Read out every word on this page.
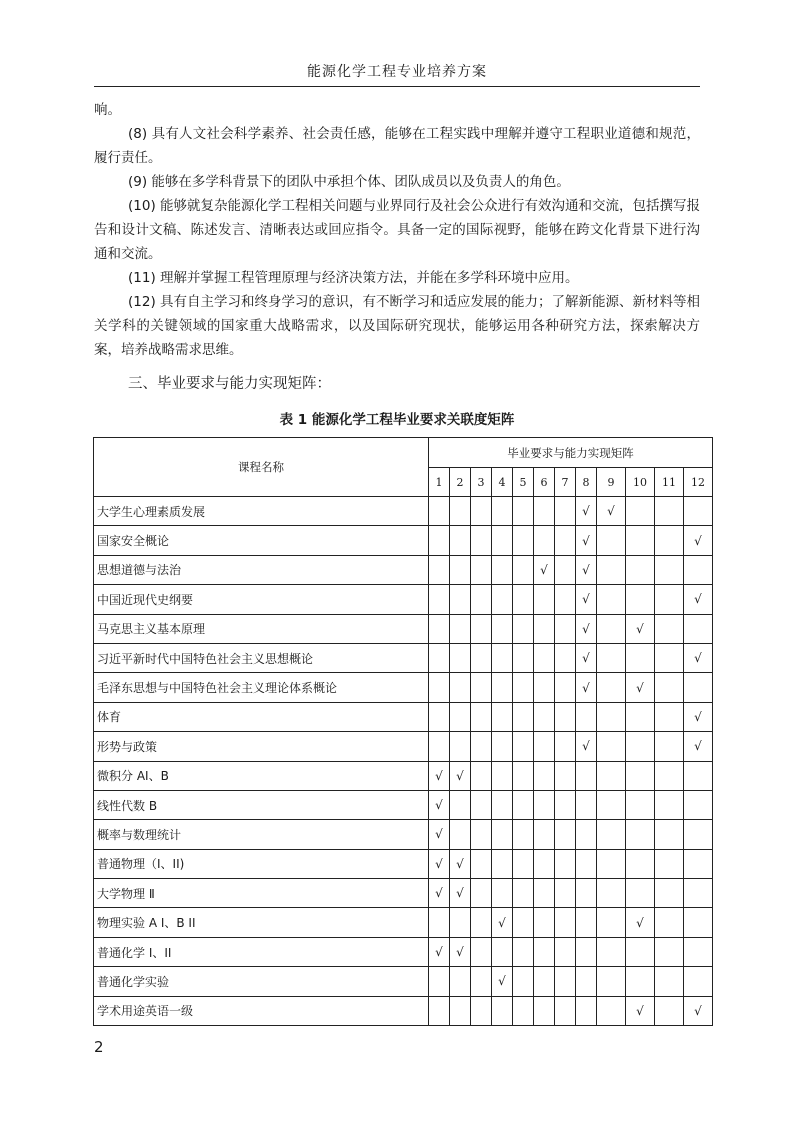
能源化学工程专业培养方案

响。

(8) 具有人文社会科学素养、社会责任感，能够在工程实践中理解并遵守工程职业道德和规范，履行责任。

(9) 能够在多学科背景下的团队中承担个体、团队成员以及负责人的角色。

(10) 能够就复杂能源化学工程相关问题与业界同行及社会公众进行有效沟通和交流，包括撰写报告和设计文稿、陈述发言、清晰表达或回应指令。具备一定的国际视野，能够在跨文化背景下进行沟通和交流。

(11) 理解并掌握工程管理原理与经济决策方法，并能在多学科环境中应用。

(12) 具有自主学习和终身学习的意识，有不断学习和适应发展的能力；了解新能源、新材料等相关学科的关键领域的国家重大战略需求，以及国际研究现状，能够运用各种研究方法，探索解决方案，培养战略需求思维。

三、毕业要求与能力实现矩阵：
表 1 能源化学工程毕业要求关联度矩阵
课程名称	毕业要求与能力实现矩阵											
	1	2	3	4	5	6	7	8	9	10	11	12
大学生心理素质发展								√	√			
国家安全概论								√				√
思想道德与法治						√		√				
中国近现代史纲要								√				√
马克思主义基本原理								√		√		
习近平新时代中国特色社会主义思想概论								√				√
毛泽东思想与中国特色社会主义理论体系概论								√		√		
体育												√
形势与政策								√				√
微积分 AI、B	√	√										
线性代数 B	√											
概率与数理统计	√											
普通物理（I、II)	√	√										
大学物理 Ⅱ	√	√										
物理实验 A I、B II				√						√		
普通化学 I、II	√	√										
普通化学实验				√								
学术用途英语一级										√		√
2
